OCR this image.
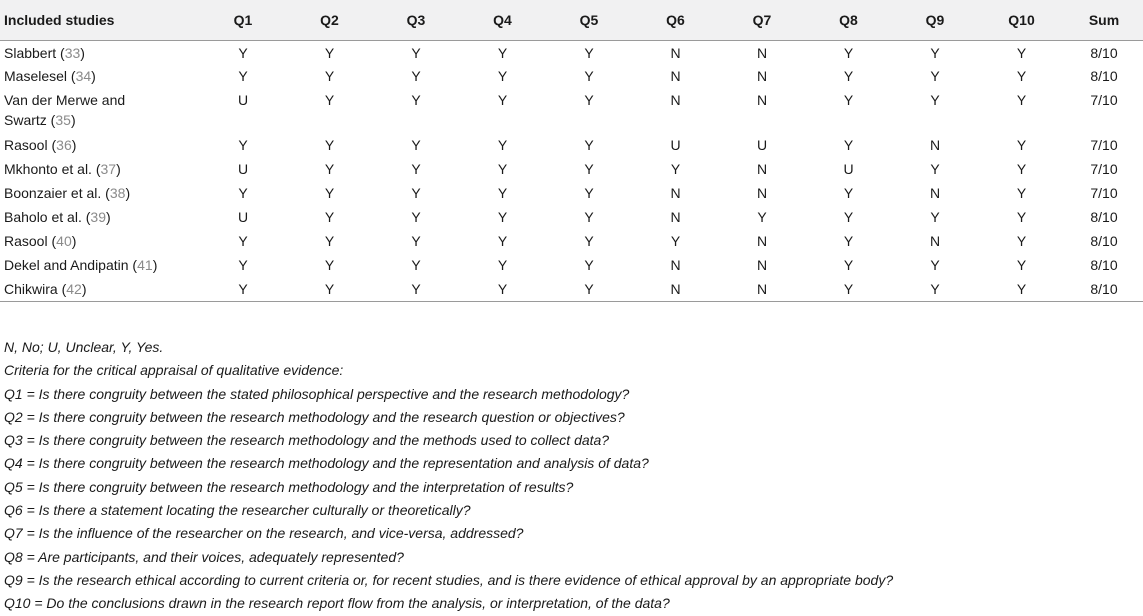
Included studies	Q1	Q2	Q3	Q4	Q5	Q6	Q7	Q8	Q9	Q10	Sum
Slabbert (33)	Y	Y	Y	Y	Y	N	N	Y	Y	Y	8/10
Maselesel (34)	Y	Y	Y	Y	Y	N	N	Y	Y	Y	8/10
Van der Merwe and
Swartz (35)	U	Y	Y	Y	Y	N	N	Y	Y	Y	7/10
Rasool (36)	Y	Y	Y	Y	Y	U	U	Y	N	Y	7/10
Mkhonto et al. (37)	U	Y	Y	Y	Y	Y	N	U	Y	Y	7/10
Boonzaier et al. (38)	Y	Y	Y	Y	Y	N	N	Y	N	Y	7/10
Baholo et al. (39)	U	Y	Y	Y	Y	N	Y	Y	Y	Y	8/10
Rasool (40)	Y	Y	Y	Y	Y	Y	N	Y	N	Y	8/10
Dekel and Andipatin (41)	Y	Y	Y	Y	Y	N	N	Y	Y	Y	8/10
Chikwira (42)	Y	Y	Y	Y	Y	N	N	Y	Y	Y	8/10
N, No; U, Unclear, Y, Yes.
Criteria for the critical appraisal of qualitative evidence:
Q1 = Is there congruity between the stated philosophical perspective and the research methodology?
Q2 = Is there congruity between the research methodology and the research question or objectives?
Q3 = Is there congruity between the research methodology and the methods used to collect data?
Q4 = Is there congruity between the research methodology and the representation and analysis of data?
Q5 = Is there congruity between the research methodology and the interpretation of results?
Q6 = Is there a statement locating the researcher culturally or theoretically?
Q7 = Is the influence of the researcher on the research, and vice-versa, addressed?
Q8 = Are participants, and their voices, adequately represented?
Q9 = Is the research ethical according to current criteria or, for recent studies, and is there evidence of ethical approval by an appropriate body?
Q10 = Do the conclusions drawn in the research report flow from the analysis, or interpretation, of the data?
